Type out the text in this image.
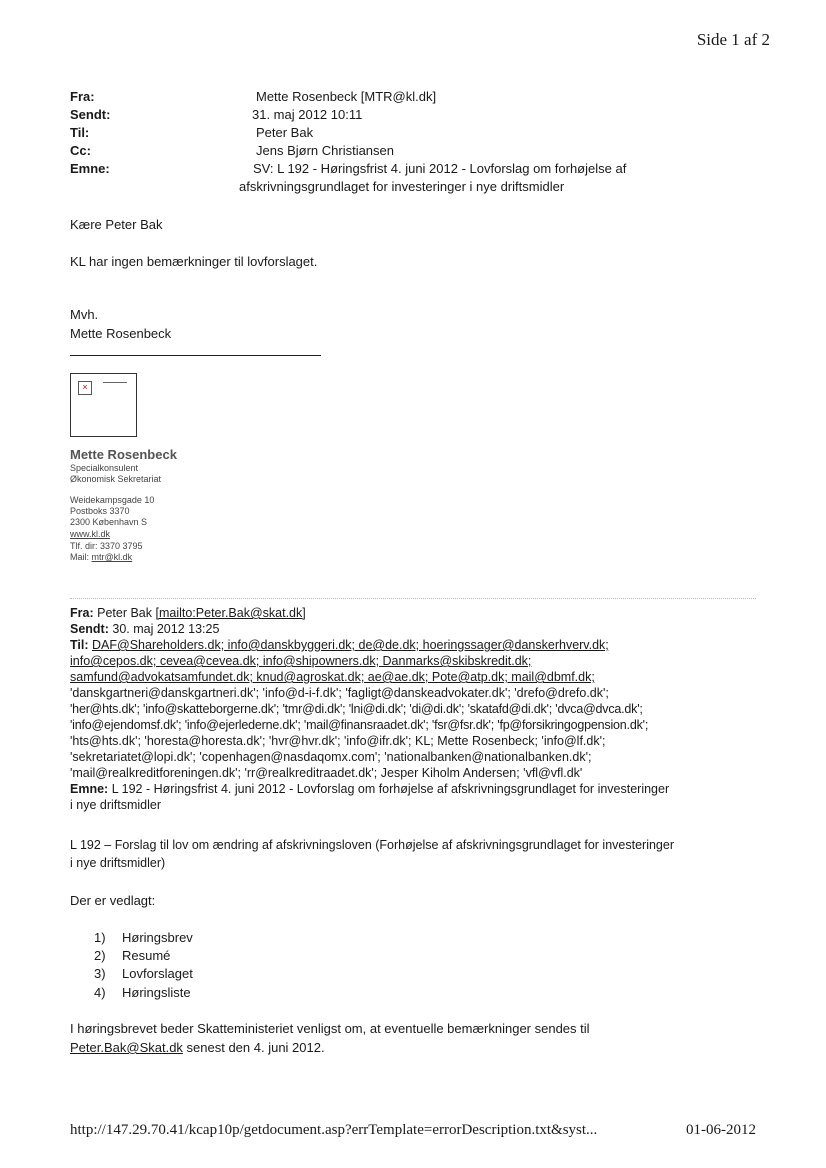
Side 1 af 2
Fra:	Mette Rosenbeck [MTR@kl.dk]
Sendt:	31. maj 2012 10:11
Til:	Peter Bak
Cc:	Jens Bjørn Christiansen
Emne:	SV: L 192 - Høringsfrist 4. juni 2012 - Lovforslag om forhøjelse af
afskrivningsgrundlaget for investeringer i nye driftsmidler
Kære Peter Bak
KL har ingen bemærkninger til lovforslaget.
Mvh.
Mette Rosenbeck
×
Mette Rosenbeck
Specialkonsulent
Økonomisk Sekretariat
Weidekampsgade 10
Postboks 3370
2300 København S
www.kl.dk
Tlf. dir: 3370 3795
Mail: mtr@kl.dk
Fra: Peter Bak [mailto:Peter.Bak@skat.dk]
Sendt: 30. maj 2012 13:25
Til: DAF@Shareholders.dk; info@danskbyggeri.dk; de@de.dk; hoeringssager@danskerhverv.dk;
info@cepos.dk; cevea@cevea.dk; info@shipowners.dk; Danmarks@skibskredit.dk;
samfund@advokatsamfundet.dk; knud@agroskat.dk; ae@ae.dk; Pote@atp.dk; mail@dbmf.dk;
'danskgartneri@danskgartneri.dk'; 'info@d-i-f.dk'; 'fagligt@danskeadvokater.dk'; 'drefo@drefo.dk';
'her@hts.dk'; 'info@skatteborgerne.dk'; 'tmr@di.dk'; 'lni@di.dk'; 'di@di.dk'; 'skatafd@di.dk'; 'dvca@dvca.dk';
'info@ejendomsf.dk'; 'info@ejerlederne.dk'; 'mail@finansraadet.dk'; 'fsr@fsr.dk'; 'fp@forsikringogpension.dk';
'hts@hts.dk'; 'horesta@horesta.dk'; 'hvr@hvr.dk'; 'info@ifr.dk'; KL; Mette Rosenbeck; 'info@lf.dk';
'sekretariatet@lopi.dk'; 'copenhagen@nasdaqomx.com'; 'nationalbanken@nationalbanken.dk';
'mail@realkreditforeningen.dk'; 'rr@realkreditraadet.dk'; Jesper Kiholm Andersen; 'vfl@vfl.dk'
Emne: L 192 - Høringsfrist 4. juni 2012 - Lovforslag om forhøjelse af afskrivningsgrundlaget for investeringer
i nye driftsmidler
L 192 – Forslag til lov om ændring af afskrivningsloven (Forhøjelse af afskrivningsgrundlaget for investeringer
i nye driftsmidler)
Der er vedlagt:
1) Høringsbrev
2) Resumé
3) Lovforslaget
4) Høringsliste
I høringsbrevet beder Skatteministeriet venligst om, at eventuelle bemærkninger sendes til
Peter.Bak@Skat.dk senest den 4. juni 2012.
http://147.29.70.41/kcap10p/getdocument.asp?errTemplate=errorDescription.txt&syst...	01-06-2012
